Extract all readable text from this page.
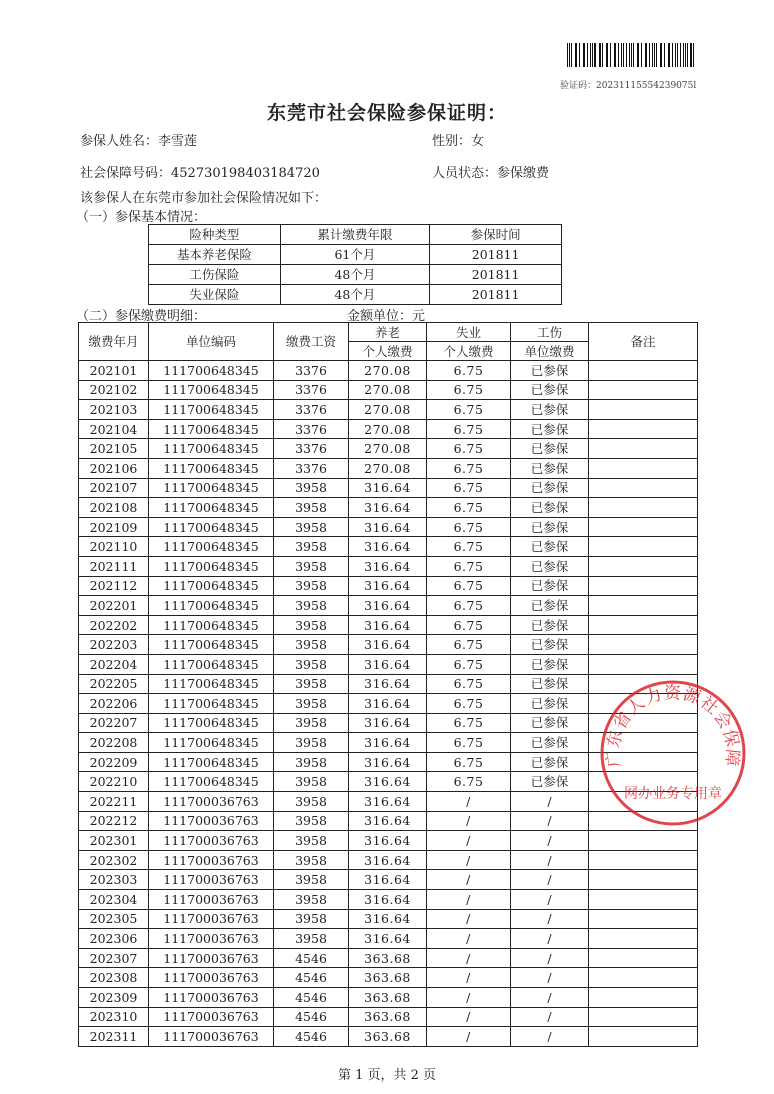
验证码：20231115554239075l
东莞市社会保险参保证明：
参保人姓名：李雪莲	性别：女
社会保障号码：452730198403184720	人员状态：参保缴费
该参保人在东莞市参加社会保险情况如下：
（一）参保基本情况：
险种类型	累计缴费年限	参保时间
基本养老保险	61个月	201811
工伤保险	48个月	201811
失业保险	48个月	201811
（二）参保缴费明细：	金额单位：元
缴费年月	单位编码	缴费工资	养老	失业	工伤	备注
			个人缴费	个人缴费	单位缴费	
202101	111700648345	3376	270.08	6.75	已参保	
202102	111700648345	3376	270.08	6.75	已参保	
202103	111700648345	3376	270.08	6.75	已参保	
202104	111700648345	3376	270.08	6.75	已参保	
202105	111700648345	3376	270.08	6.75	已参保	
202106	111700648345	3376	270.08	6.75	已参保	
202107	111700648345	3958	316.64	6.75	已参保	
202108	111700648345	3958	316.64	6.75	已参保	
202109	111700648345	3958	316.64	6.75	已参保	
202110	111700648345	3958	316.64	6.75	已参保	
202111	111700648345	3958	316.64	6.75	已参保	
202112	111700648345	3958	316.64	6.75	已参保	
202201	111700648345	3958	316.64	6.75	已参保	
202202	111700648345	3958	316.64	6.75	已参保	
202203	111700648345	3958	316.64	6.75	已参保	
202204	111700648345	3958	316.64	6.75	已参保	
202205	111700648345	3958	316.64	6.75	已参保	
202206	111700648345	3958	316.64	6.75	已参保	
202207	111700648345	3958	316.64	6.75	已参保	
202208	111700648345	3958	316.64	6.75	已参保	
202209	111700648345	3958	316.64	6.75	已参保	
202210	111700648345	3958	316.64	6.75	已参保	
202211	111700036763	3958	316.64	/	/	
202212	111700036763	3958	316.64	/	/	
202301	111700036763	3958	316.64	/	/	
202302	111700036763	3958	316.64	/	/	
202303	111700036763	3958	316.64	/	/	
202304	111700036763	3958	316.64	/	/	
202305	111700036763	3958	316.64	/	/	
202306	111700036763	3958	316.64	/	/	
202307	111700036763	4546	363.68	/	/	
202308	111700036763	4546	363.68	/	/	
202309	111700036763	4546	363.68	/	/	
202310	111700036763	4546	363.68	/	/	
202311	111700036763	4546	363.68	/	/	
广东省人力资源社会保障
网办业务专用章
第 1 页，共 2 页
